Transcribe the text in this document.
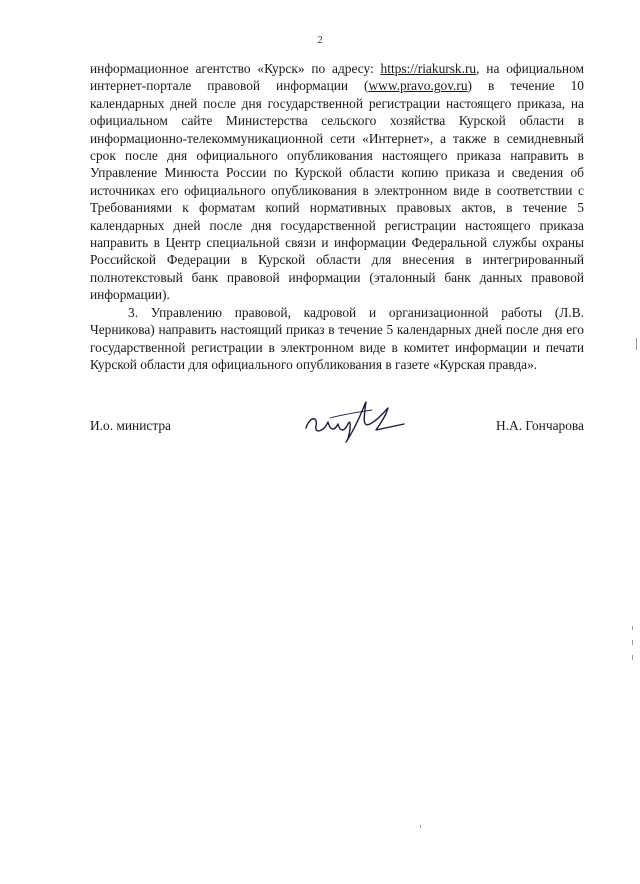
2

информационное агентство «Курск» по адресу: https://riakursk.ru, на официальном интернет-портале правовой информации (www.pravo.gov.ru) в течение 10 календарных дней после дня государственной регистрации настоящего приказа, на официальном сайте Министерства сельского хозяйства Курской области в информационно-телекоммуникационной сети «Интернет», а также в семидневный срок после дня официального опубликования настоящего приказа направить в Управление Минюста России по Курской области копию приказа и сведения об источниках его официального опубликования в электронном виде в соответствии с Требованиями к форматам копий нормативных правовых актов, в течение 5 календарных дней после дня государственной регистрации настоящего приказа направить в Центр специальной связи и информации Федеральной службы охраны Российской Федерации в Курской области для внесения в интегрированный полнотекстовый банк правовой информации (эталонный банк данных правовой информации).

3. Управлению правовой, кадровой и организационной работы (Л.В. Черникова) направить настоящий приказ в течение 5 календарных дней после дня его государственной регистрации в электронном виде в комитет информации и печати Курской области для официального опубликования в газете «Курская правда».

И.о. министра	Н.А. Гончарова
